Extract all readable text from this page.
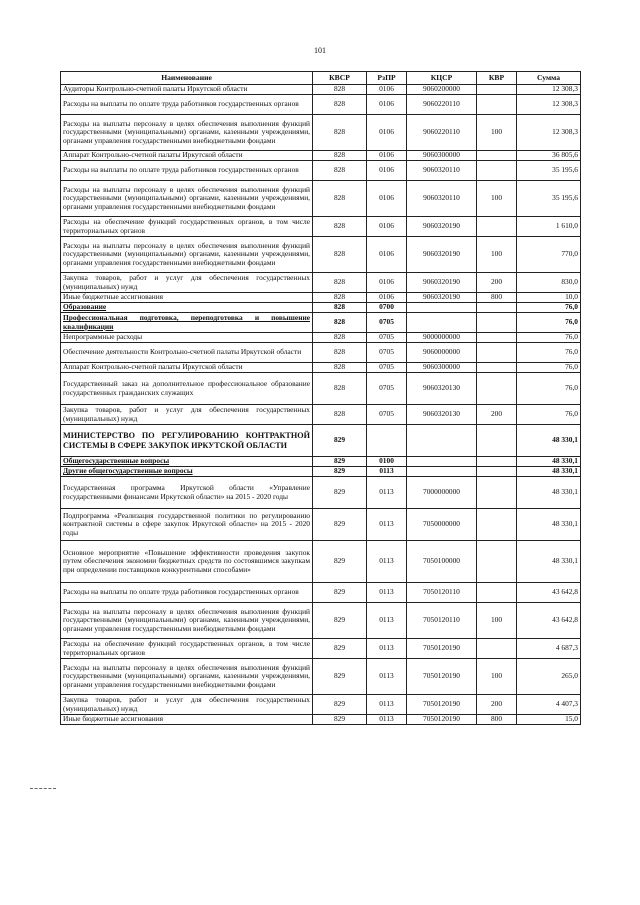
101
Наименование	КВСР	РзПР	КЦСР	КВР	Сумма
Аудиторы Контрольно-счетной палаты Иркутской области	828	0106	9060200000		12 308,3
Расходы на выплаты по оплате труда работников государственных органов	828	0106	9060220110		12 308,3
Расходы на выплаты персоналу в целях обеспечения выполнения функций государственными (муниципальными) органами, казенными учреждениями, органами управления государственными внебюджетными фондами	828	0106	9060220110	100	12 308,3
Аппарат Контрольно-счетной палаты Иркутской области	828	0106	9060300000		36 805,6
Расходы на выплаты по оплате труда работников государственных органов	828	0106	9060320110		35 195,6
Расходы на выплаты персоналу в целях обеспечения выполнения функций государственными (муниципальными) органами, казенными учреждениями, органами управления государственными внебюджетными фондами	828	0106	9060320110	100	35 195,6
Расходы на обеспечение функций государственных органов, в том числе территориальных органов	828	0106	9060320190		1 610,0
Расходы на выплаты персоналу в целях обеспечения выполнения функций государственными (муниципальными) органами, казенными учреждениями, органами управления государственными внебюджетными фондами	828	0106	9060320190	100	770,0
Закупка товаров, работ и услуг для обеспечения государственных (муниципальных) нужд	828	0106	9060320190	200	830,0
Иные бюджетные ассигнования	828	0106	9060320190	800	10,0
Образование	828	0700			76,0
Профессиональная подготовка, переподготовка и повышение квалификации	828	0705			76,0
Непрограммные расходы	828	0705	9000000000		76,0
Обеспечение деятельности Контрольно-счетной палаты Иркутской области	828	0705	9060000000		76,0
Аппарат Контрольно-счетной палаты Иркутской области	828	0705	9060300000		76,0
Государственный заказ на дополнительное профессиональное образование государственных гражданских служащих	828	0705	9060320130		76,0
Закупка товаров, работ и услуг для обеспечения государственных (муниципальных) нужд	828	0705	9060320130	200	76,0
МИНИСТЕРСТВО ПО РЕГУЛИРОВАНИЮ КОНТРАКТНОЙ СИСТЕМЫ В СФЕРЕ ЗАКУПОК ИРКУТСКОЙ ОБЛАСТИ	829				48 330,1
Общегосударственные вопросы	829	0100			48 330,1
Другие общегосударственные вопросы	829	0113			48 330,1
Государственная программа Иркутской области «Управление государственными финансами Иркутской области» на 2015 - 2020 годы	829	0113	7000000000		48 330,1
Подпрограмма «Реализация государственной политики по регулированию контрактной системы в сфере закупок Иркутской области» на 2015 - 2020 годы	829	0113	7050000000		48 330,1
Основное мероприятие «Повышение эффективности проведения закупок путем обеспечения экономии бюджетных средств по состоявшимся закупкам при определении поставщиков конкурентными способами»	829	0113	7050100000		48 330,1
Расходы на выплаты по оплате труда работников государственных органов	829	0113	7050120110		43 642,8
Расходы на выплаты персоналу в целях обеспечения выполнения функций государственными (муниципальными) органами, казенными учреждениями, органами управления государственными внебюджетными фондами	829	0113	7050120110	100	43 642,8
Расходы на обеспечение функций государственных органов, в том числе территориальных органов	829	0113	7050120190		4 687,3
Расходы на выплаты персоналу в целях обеспечения выполнения функций государственными (муниципальными) органами, казенными учреждениями, органами управления государственными внебюджетными фондами	829	0113	7050120190	100	265,0
Закупка товаров, работ и услуг для обеспечения государственных (муниципальных) нужд	829	0113	7050120190	200	4 407,3
Иные бюджетные ассигнования	829	0113	7050120190	800	15,0
